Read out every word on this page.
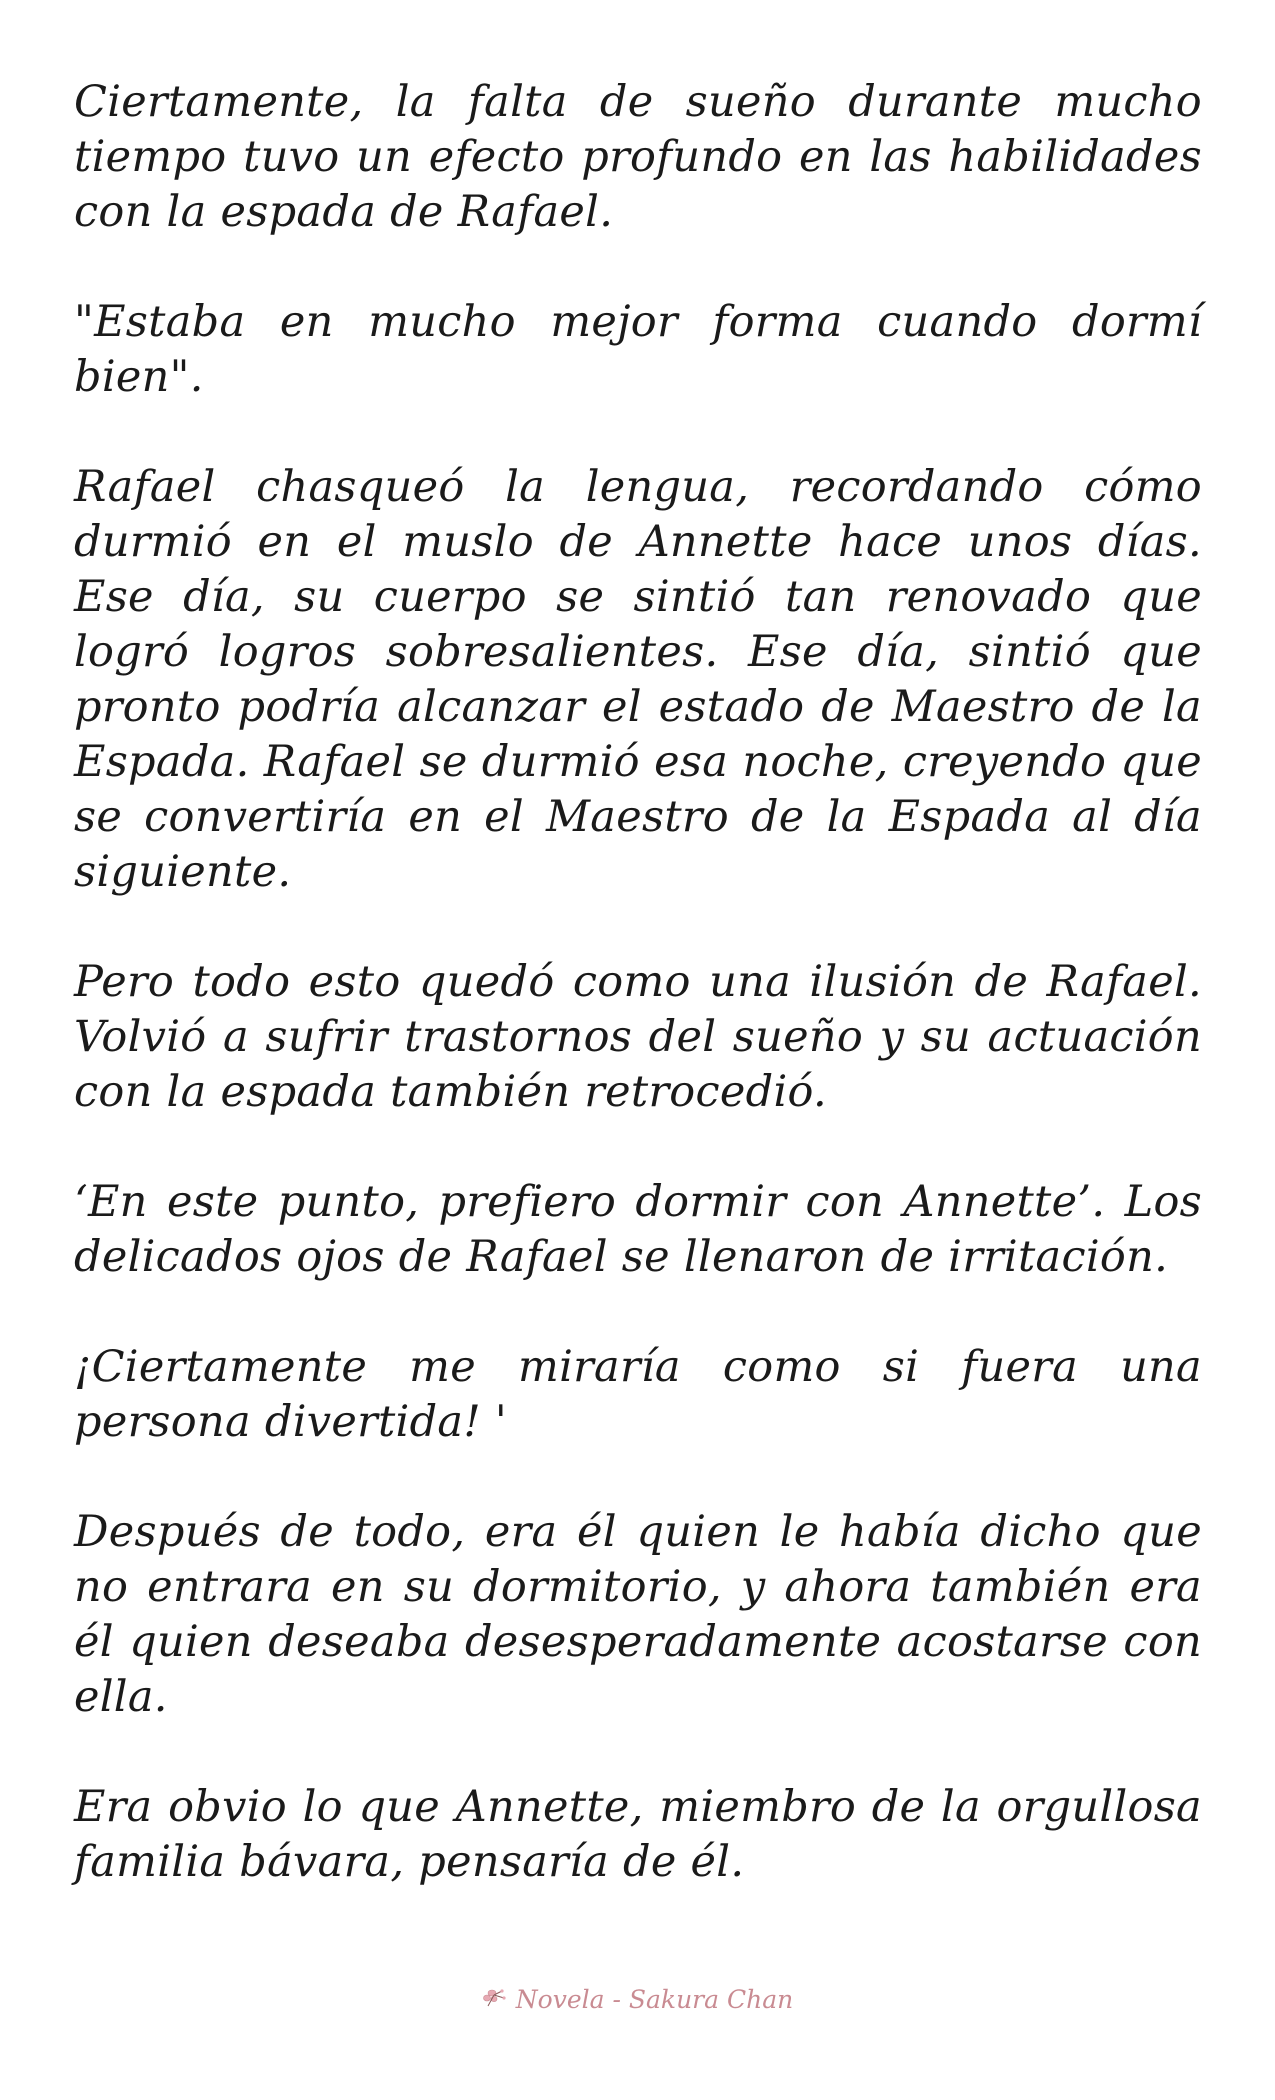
Ciertamente, la falta de sueño durante mucho tiempo tuvo un efecto profundo en las habilidades con la espada de Rafael.

"Estaba en mucho mejor forma cuando dormí bien".

Rafael chasqueó la lengua, recordando cómo durmió en el muslo de Annette hace unos días. Ese día, su cuerpo se sintió tan renovado que logró logros sobresalientes. Ese día, sintió que pronto podría alcanzar el estado de Maestro de la Espada. Rafael se durmió esa noche, creyendo que se convertiría en el Maestro de la Espada al día siguiente.

Pero todo esto quedó como una ilusión de Rafael. Volvió a sufrir trastornos del sueño y su actuación con la espada también retrocedió.

‘En este punto, prefiero dormir con Annette’. Los delicados ojos de Rafael se llenaron de irritación.

¡Ciertamente me miraría como si fuera una persona divertida! '

Después de todo, era él quien le había dicho que no entrara en su dormitorio, y ahora también era él quien deseaba desesperadamente acostarse con ella.

Era obvio lo que Annette, miembro de la orgullosa familia bávara, pensaría de él.

Novela - Sakura Chan
